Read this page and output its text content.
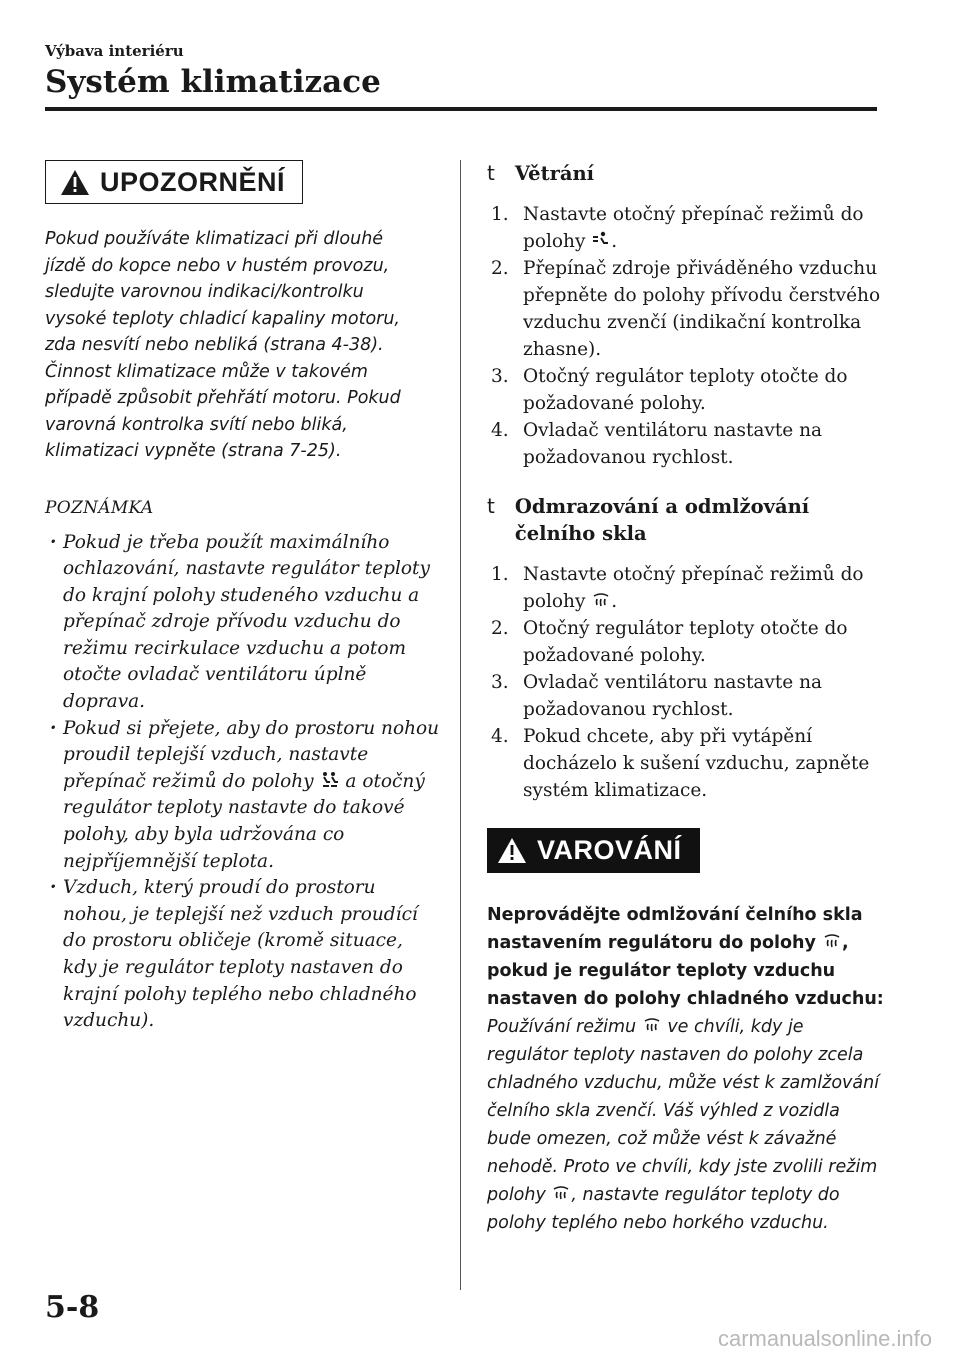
Výbava interiéru
Systém klimatizace
UPOZORNĚNÍ
Pokud používáte klimatizaci při dlouhé jízdě do kopce nebo v hustém provozu, sledujte varovnou indikaci/kontrolku vysoké teploty chladicí kapaliny motoru, zda nesvítí nebo nebliká (strana 4-38). Činnost klimatizace může v takovém případě způsobit přehřátí motoru. Pokud varovná kontrolka svítí nebo bliká, klimatizaci vypněte (strana 7-25).
POZNÁMKA
· Pokud je třeba použít maximálního ochlazování, nastavte regulátor teploty do krajní polohy studeného vzduchu a přepínač zdroje přívodu vzduchu do režimu recirkulace vzduchu a potom otočte ovladač ventilátoru úplně doprava.
· Pokud si přejete, aby do prostoru nohou proudil teplejší vzduch, nastavte přepínač režimů do polohy a otočný regulátor teploty nastavte do takové polohy, aby byla udržována co nejpříjemnější teplota.
· Vzduch, který proudí do prostoru nohou, je teplejší než vzduch proudící do prostoru obličeje (kromě situace, kdy je regulátor teploty nastaven do krajní polohy teplého nebo chladného vzduchu).
t Větrání
1. Nastavte otočný přepínač režimů do polohy .
2. Přepínač zdroje přiváděného vzduchu přepněte do polohy přívodu čerstvého vzduchu zvenčí (indikační kontrolka zhasne).
3. Otočný regulátor teploty otočte do požadované polohy.
4. Ovladač ventilátoru nastavte na požadovanou rychlost.
t Odmrazování a odmlžování čelního skla
1. Nastavte otočný přepínač režimů do polohy .
2. Otočný regulátor teploty otočte do požadované polohy.
3. Ovladač ventilátoru nastavte na požadovanou rychlost.
4. Pokud chcete, aby při vytápění docházelo k sušení vzduchu, zapněte systém klimatizace.
VAROVÁNÍ
Neprovádějte odmlžování čelního skla nastavením regulátoru do polohy , pokud je regulátor teploty vzduchu nastaven do polohy chladného vzduchu:
Používání režimu ve chvíli, kdy je regulátor teploty nastaven do polohy zcela chladného vzduchu, může vést k zamlžování čelního skla zvenčí. Váš výhled z vozidla bude omezen, což může vést k závažné nehodě. Proto ve chvíli, kdy jste zvolili režim polohy , nastavte regulátor teploty do polohy teplého nebo horkého vzduchu.
5-8
carmanualsonline.info
